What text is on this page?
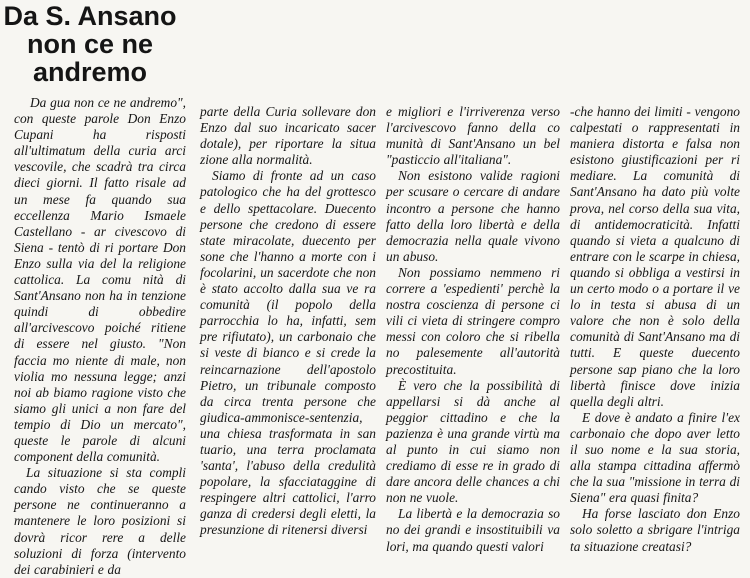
Da S. Ansano
non ce ne
andremo

Da gua non ce ne andremo", con queste parole Don Enzo Cupani ha risposti all'ultimatum della curia arci vescovile, che scadrà tra circa dieci giorni. Il fatto risale ad un mese fa quando sua eccellenza Mario Ismaele Castellano - ar civescovo di Siena - tentò di ri portare Don Enzo sulla via del la religione cattolica. La comu nità di Sant'Ansano non ha in tenzione quindi di obbedire all'arcivescovo poiché ritiene di essere nel giusto. "Non faccia mo niente di male, non violia mo nessuna legge; anzi noi ab biamo ragione visto che siamo gli unici a non fare del tempio di Dio un mercato", queste le parole di alcuni component della comunità.

La situazione si sta compli cando visto che se queste persone ne continueranno a mantenere le loro posizioni si dovrà ricor rere a delle soluzioni di forza (intervento dei carabinieri e da

parte della Curia sollevare don Enzo dal suo incaricato sacer dotale), per riportare la situa zione alla normalità.

Siamo di fronte ad un caso patologico che ha del grottesco e dello spettacolare. Duecento persone che credono di essere state miracolate, duecento per sone che l'hanno a morte con i focolarini, un sacerdote che non è stato accolto dalla sua ve ra comunità (il popolo della parrocchia lo ha, infatti, sem pre rifiutato), un carbonaio che si veste di bianco e si crede la reincarnazione dell'apostolo Pietro, un tribunale composto da circa trenta persone che giudica-ammonisce-sentenzia, una chiesa trasformata in san tuario, una terra proclamata 'santa', l'abuso della credulità popolare, la sfacciataggine di respingere altri cattolici, l'arro ganza di credersi degli eletti, la presunzione di ritenersi diversi

e migliori e l'irriverenza verso l'arcivescovo fanno della co munità di Sant'Ansano un bel "pasticcio all'italiana".

Non esistono valide ragioni per scusare o cercare di andare incontro a persone che hanno fatto della loro libertà e della democrazia nella quale vivono un abuso.

Non possiamo nemmeno ri correre a 'espedienti' perchè la nostra coscienza di persone ci vili ci vieta di stringere compro messi con coloro che si ribella no palesemente all'autorità precostituita.

È vero che la possibilità di appellarsi si dà anche al peggior cittadino e che la pazienza è una grande virtù ma al punto in cui siamo non crediamo di esse re in grado di dare ancora delle chances a chi non ne vuole.

La libertà e la democrazia so no dei grandi e insostituibili va lori, ma quando questi valori

-che hanno dei limiti - vengono calpestati o rappresentati in maniera distorta e falsa non esistono giustificazioni per ri mediare. La comunità di Sant'Ansano ha dato più volte prova, nel corso della sua vita, di antidemocraticità. Infatti quando si vieta a qualcuno di entrare con le scarpe in chiesa, quando si obbliga a vestirsi in un certo modo o a portare il ve lo in testa si abusa di un valore che non è solo della comunità di Sant'Ansano ma di tutti. E queste duecento persone sap piano che la loro libertà finisce dove inizia quella degli altri.

E dove è andato a finire l'ex carbonaio che dopo aver letto il suo nome e la sua storia, alla stampa cittadina affermò che la sua "missione in terra di Siena" era quasi finita?

Ha forse lasciato don Enzo solo soletto a sbrigare l'intriga ta situazione creatasi?
